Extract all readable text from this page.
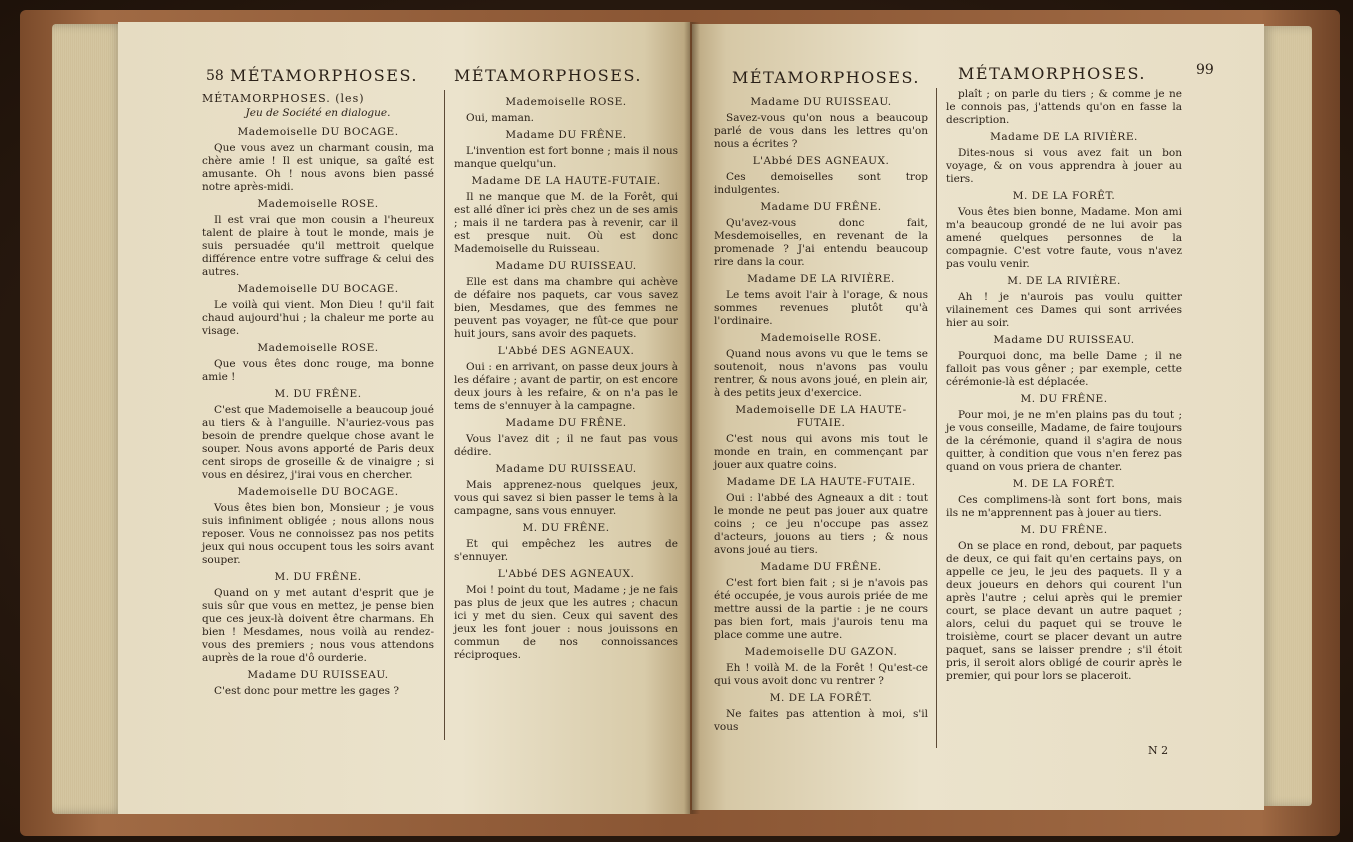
58 MÉTAMORPHOSES. MÉTAMORPHOSES.

MÉTAMORPHOSES. (les)

Jeu de Société en dialogue.

Mademoiselle DU BOCAGE.

Que vous avez un charmant cousin, ma chère amie ! Il est unique, sa gaîté est amusante. Oh ! nous avons bien passé notre après-midi.

Mademoiselle ROSE.

Il est vrai que mon cousin a l'heureux talent de plaire à tout le monde, mais je suis persuadée qu'il mettroit quelque différence entre votre suffrage & celui des autres.

Mademoiselle DU BOCAGE.

Le voilà qui vient. Mon Dieu ! qu'il fait chaud aujourd'hui ; la chaleur me porte au visage.

Mademoiselle ROSE.

Que vous êtes donc rouge, ma bonne amie !

M. DU FRÊNE.

C'est que Mademoiselle a beaucoup joué au tiers & à l'anguille. N'auriez-vous pas besoin de prendre quelque chose avant le souper. Nous avons apporté de Paris deux cent sirops de groseille & de vinaigre ; si vous en désirez, j'irai vous en chercher.

Mademoiselle DU BOCAGE.

Vous êtes bien bon, Monsieur ; je vous suis infiniment obligée ; nous allons nous reposer. Vous ne connoissez pas nos petits jeux qui nous occupent tous les soirs avant souper.

M. DU FRÊNE.

Quand on y met autant d'esprit que je suis sûr que vous en mettez, je pense bien que ces jeux-là doivent être charmans. Eh bien ! Mesdames, nous voilà au rendez-vous des premiers ; nous vous attendons auprès de la roue d'ô ourderie.

Madame DU RUISSEAU.

C'est donc pour mettre les gages ?

Mademoiselle ROSE.

Oui, maman.

Madame DU FRÊNE.

L'invention est fort bonne ; mais il nous manque quelqu'un.

Madame DE LA HAUTE-FUTAIE.

Il ne manque que M. de la Forêt, qui est allé dîner ici près chez un de ses amis ; mais il ne tardera pas à revenir, car il est presque nuit. Où est donc Mademoiselle du Ruisseau.

Madame DU RUISSEAU.

Elle est dans ma chambre qui achève de défaire nos paquets, car vous savez bien, Mesdames, que des femmes ne peuvent pas voyager, ne fût-ce que pour huit jours, sans avoir des paquets.

L'Abbé DES AGNEAUX.

Oui : en arrivant, on passe deux jours à les défaire ; avant de partir, on est encore deux jours à les refaire, & on n'a pas le tems de s'ennuyer à la campagne.

Madame DU FRÊNE.

Vous l'avez dit ; il ne faut pas vous dédire.

Madame DU RUISSEAU.

Mais apprenez-nous quelques jeux, vous qui savez si bien passer le tems à la campagne, sans vous ennuyer.

M. DU FRÊNE.

Et qui empêchez les autres de s'ennuyer.

L'Abbé DES AGNEAUX.

Moi ! point du tout, Madame ; je ne fais pas plus de jeux que les autres ; chacun ici y met du sien. Ceux qui savent des jeux les font jouer : nous jouissons en commun de nos connoissances réciproques.

MÉTAMORPHOSES. MÉTAMORPHOSES.	99

Madame DU RUISSEAU.

Savez-vous qu'on nous a beaucoup parlé de vous dans les lettres qu'on nous a écrites ?

L'Abbé DES AGNEAUX.

Ces demoiselles sont trop indulgentes.

Madame DU FRÊNE.

Qu'avez-vous donc fait, Mesdemoiselles, en revenant de la promenade ? J'ai entendu beaucoup rire dans la cour.

Madame DE LA RIVIÈRE.

Le tems avoit l'air à l'orage, & nous sommes revenues plutôt qu'à l'ordinaire.

Mademoiselle ROSE.

Quand nous avons vu que le tems se soutenoit, nous n'avons pas voulu rentrer, & nous avons joué, en plein air, à des petits jeux d'exercice.

Mademoiselle DE LA HAUTE-FUTAIE.

C'est nous qui avons mis tout le monde en train, en commençant par jouer aux quatre coins.

Madame DE LA HAUTE-FUTAIE.

Oui : l'abbé des Agneaux a dit : tout le monde ne peut pas jouer aux quatre coins ; ce jeu n'occupe pas assez d'acteurs, jouons au tiers ; & nous avons joué au tiers.

Madame DU FRÊNE.

C'est fort bien fait ; si je n'avois pas été occupée, je vous aurois priée de me mettre aussi de la partie : je ne cours pas bien fort, mais j'aurois tenu ma place comme une autre.

Mademoiselle DU GAZON.

Eh ! voilà M. de la Forêt ! Qu'est-ce qui vous avoit donc vu rentrer ?

M. DE LA FORÊT.

Ne faites pas attention à moi, s'il vous

plaît ; on parle du tiers ; & comme je ne le connois pas, j'attends qu'on en fasse la description.

Madame DE LA RIVIÈRE.

Dites-nous si vous avez fait un bon voyage, & on vous apprendra à jouer au tiers.

M. DE LA FORÊT.

Vous êtes bien bonne, Madame. Mon ami m'a beaucoup grondé de ne lui avoir pas amené quelques personnes de la compagnie. C'est votre faute, vous n'avez pas voulu venir.

M. DE LA RIVIÈRE.

Ah ! je n'aurois pas voulu quitter vilainement ces Dames qui sont arrivées hier au soir.

Madame DU RUISSEAU.

Pourquoi donc, ma belle Dame ; il ne falloit pas vous gêner ; par exemple, cette cérémonie-là est déplacée.

M. DU FRÊNE.

Pour moi, je ne m'en plains pas du tout ; je vous conseille, Madame, de faire toujours de la cérémonie, quand il s'agira de nous quitter, à condition que vous n'en ferez pas quand on vous priera de chanter.

M. DE LA FORÊT.

Ces complimens-là sont fort bons, mais ils ne m'apprennent pas à jouer au tiers.

M. DU FRÊNE.

On se place en rond, debout, par paquets de deux, ce qui fait qu'en certains pays, on appelle ce jeu, le jeu des paquets. Il y a deux joueurs en dehors qui courent l'un après l'autre ; celui après qui le premier court, se place devant un autre paquet ; alors, celui du paquet qui se trouve le troisième, court se placer devant un autre paquet, sans se laisser prendre ; s'il étoit pris, il seroit alors obligé de courir après le premier, qui pour lors se placeroit.

N 2
